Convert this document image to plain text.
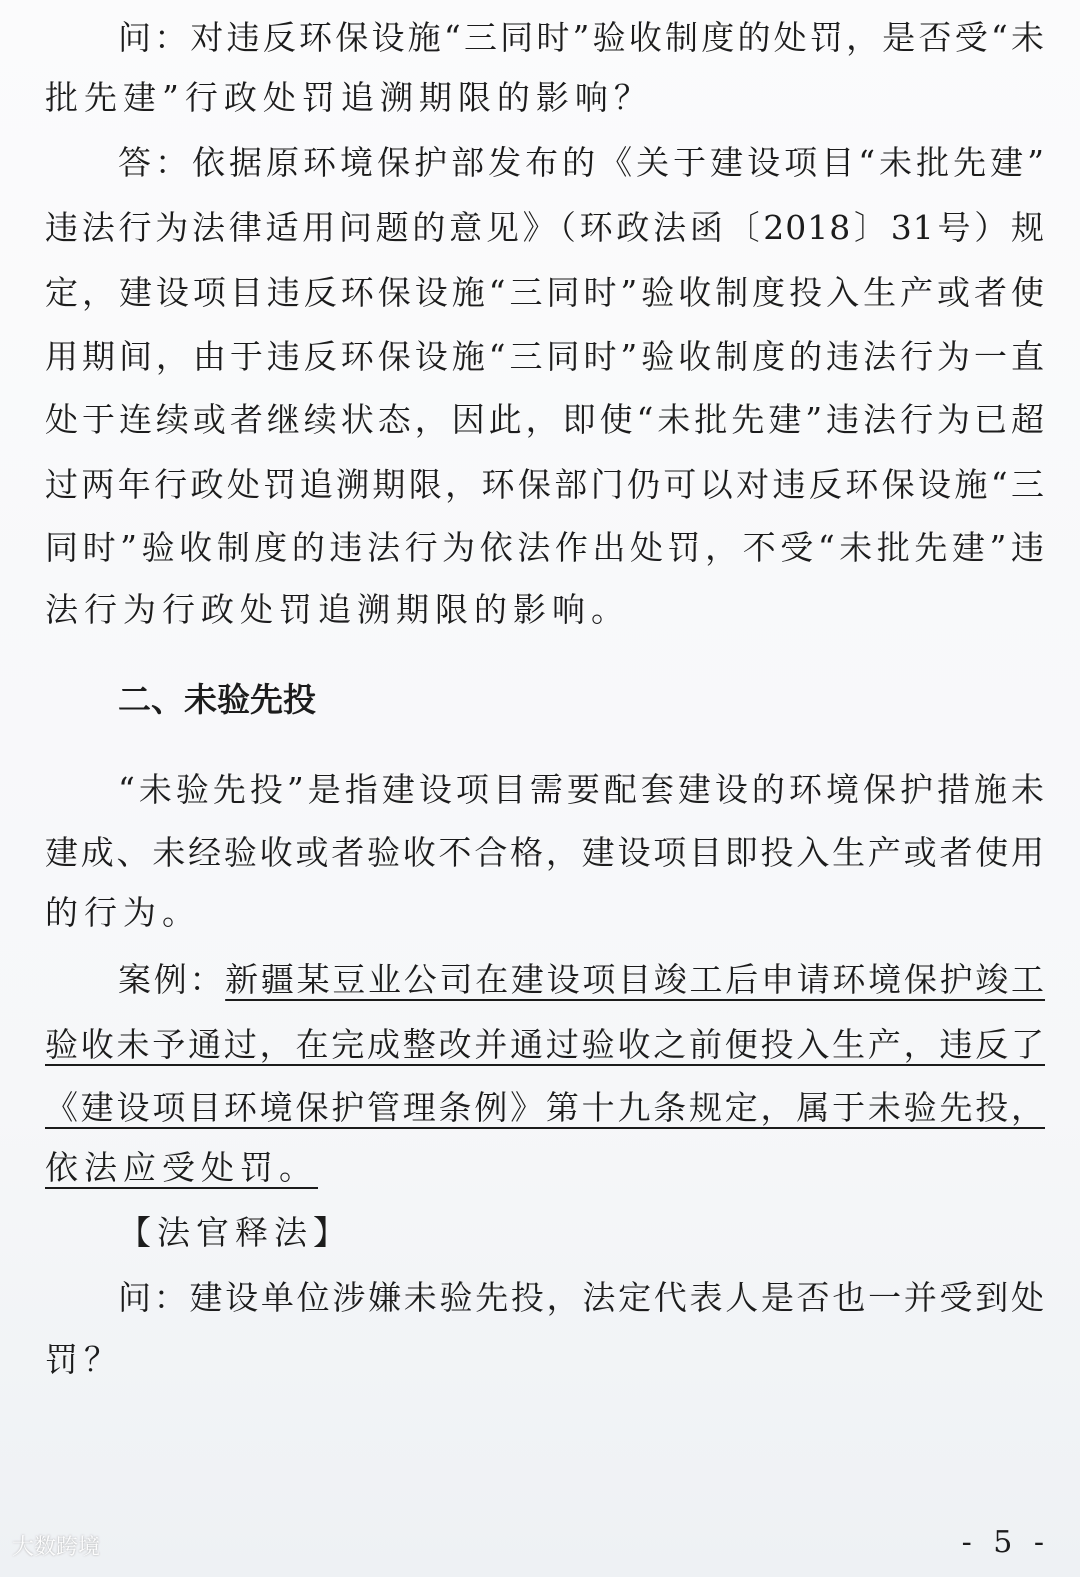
问：对违反环保设施“三同时”验收制度的处罚，是否受“未
批先建”行政处罚追溯期限的影响？
答：依据原环境保护部发布的《关于建设项目“未批先建”
违法行为法律适用问题的意见》（环政法函〔2018〕31号）规
定，建设项目违反环保设施“三同时”验收制度投入生产或者使
用期间，由于违反环保设施“三同时”验收制度的违法行为一直
处于连续或者继续状态，因此，即使“未批先建”违法行为已超
过两年行政处罚追溯期限，环保部门仍可以对违反环保设施“三
同时”验收制度的违法行为依法作出处罚，不受“未批先建”违
法行为行政处罚追溯期限的影响。
“未验先投”是指建设项目需要配套建设的环境保护措施未
建成、未经验收或者验收不合格，建设项目即投入生产或者使用
的行为。
案例：新疆某豆业公司在建设项目竣工后申请环境保护竣工
验收未予通过，在完成整改并通过验收之前便投入生产，违反了
《建设项目环境保护管理条例》第十九条规定，属于未验先投，
依法应受处罚。
问：建设单位涉嫌未验先投，法定代表人是否也一并受到处
罚？
二、未验先投
【法官释法】
- 5 -
大数跨境
